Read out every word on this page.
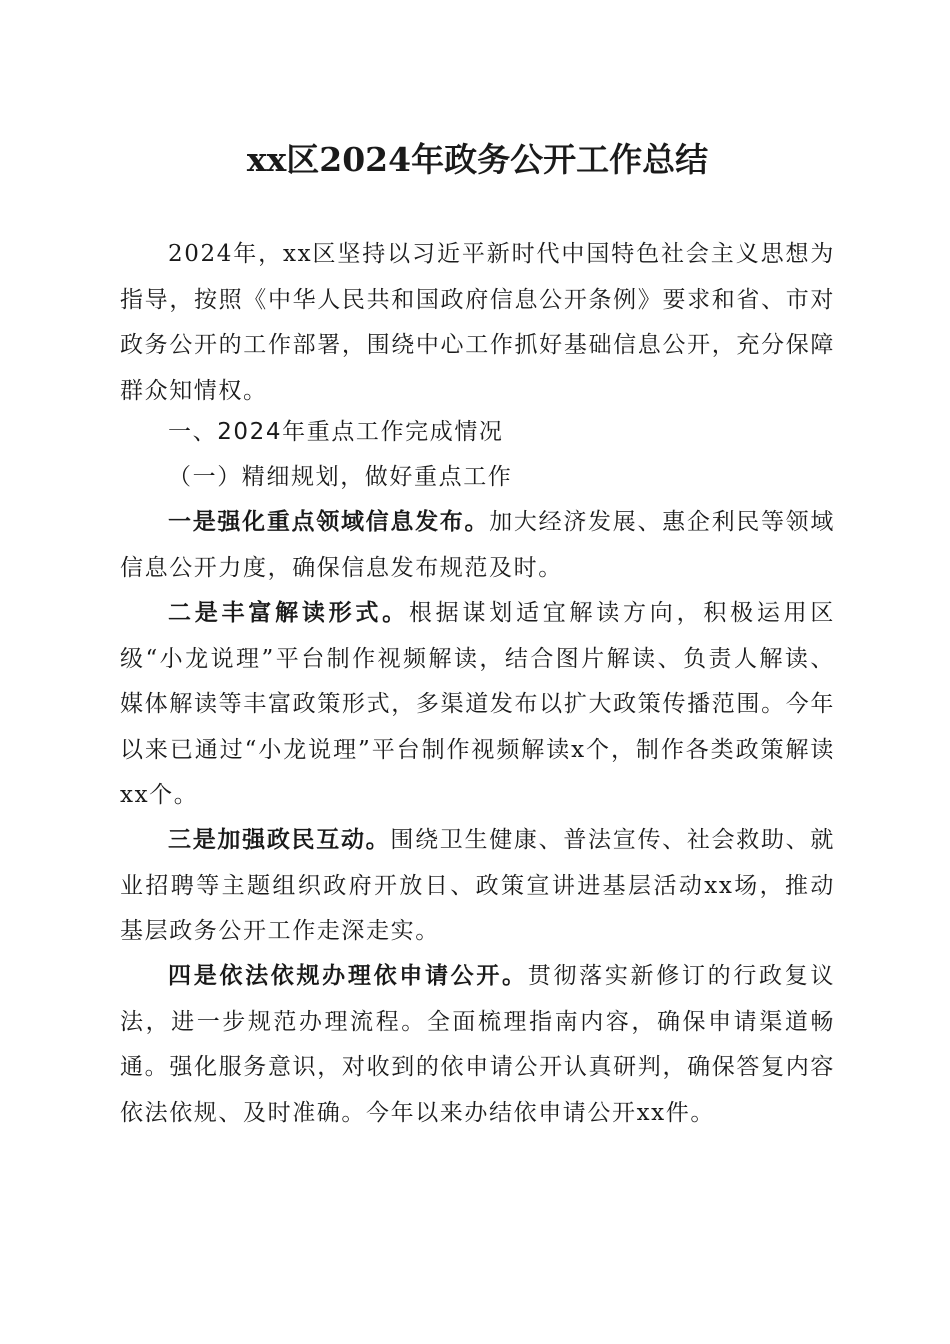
xx区2024年政务公开工作总结

2024年，xx区坚持以习近平新时代中国特色社会主义思想为指导，按照《中华人民共和国政府信息公开条例》要求和省、市对政务公开的工作部署，围绕中心工作抓好基础信息公开，充分保障群众知情权。

一、2024年重点工作完成情况

（一）精细规划，做好重点工作

一是强化重点领域信息发布。加大经济发展、惠企利民等领域信息公开力度，确保信息发布规范及时。

二是丰富解读形式。根据谋划适宜解读方向，积极运用区级“小龙说理”平台制作视频解读，结合图片解读、负责人解读、媒体解读等丰富政策形式，多渠道发布以扩大政策传播范围。今年以来已通过“小龙说理”平台制作视频解读x个，制作各类政策解读xx个。

三是加强政民互动。围绕卫生健康、普法宣传、社会救助、就业招聘等主题组织政府开放日、政策宣讲进基层活动xx场，推动基层政务公开工作走深走实。

四是依法依规办理依申请公开。贯彻落实新修订的行政复议法，进一步规范办理流程。全面梳理指南内容，确保申请渠道畅通。强化服务意识，对收到的依申请公开认真研判，确保答复内容依法依规、及时准确。今年以来办结依申请公开xx件。
